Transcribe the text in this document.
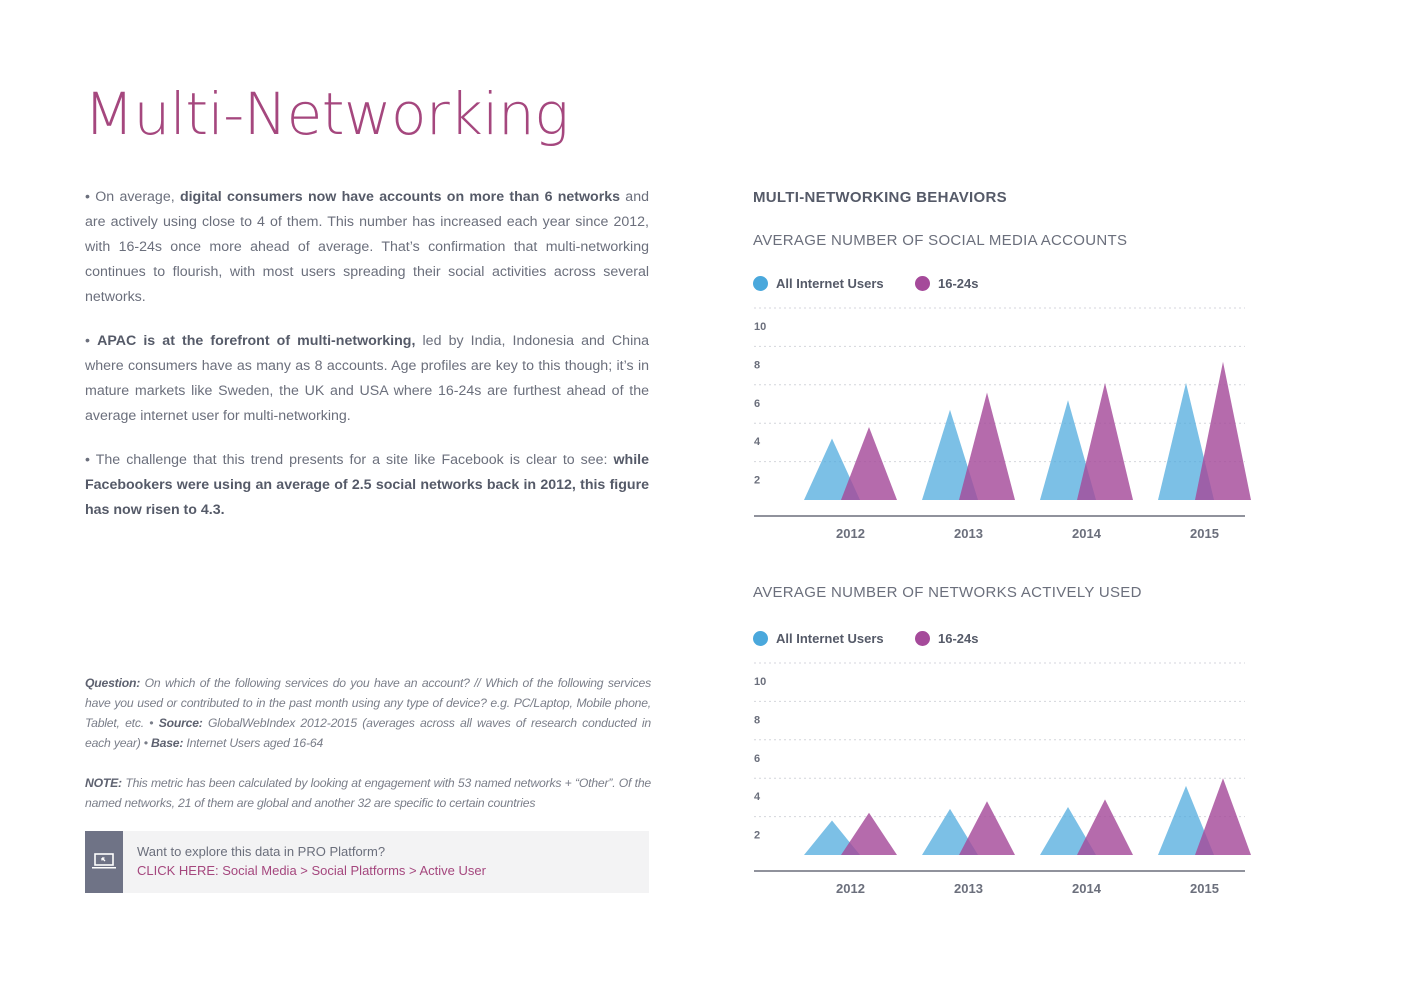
Multi-Networking

• On average, digital consumers now have accounts on more than 6 networks and are actively using close to 4 of them. This number has increased each year since 2012, with 16-24s once more ahead of average. That’s confirmation that multi-networking continues to flourish, with most users spreading their social activities across several networks.

• APAC is at the forefront of multi-networking, led by India, Indonesia and China where consumers have as many as 8 accounts. Age profiles are key to this though; it’s in mature markets like Sweden, the UK and USA where 16-24s are furthest ahead of the average internet user for multi-networking.

• The challenge that this trend presents for a site like Facebook is clear to see: while Facebookers were using an average of 2.5 social networks back in 2012, this figure has now risen to 4.3.

Question: On which of the following services do you have an account? // Which of the following services have you used or contributed to in the past month using any type of device? e.g. PC/Laptop, Mobile phone, Tablet, etc. • Source: GlobalWebIndex 2012-2015 (averages across all waves of research conducted in each year) • Base: Internet Users aged 16-64

NOTE: This metric has been calculated by looking at engagement with 53 named networks + “Other”. Of the named networks, 21 of them are global and another 32 are specific to certain countries

Want to explore this data in PRO Platform?
CLICK HERE: Social Media > Social Platforms > Active User
MULTI-NETWORKING BEHAVIORS
AVERAGE NUMBER OF SOCIAL MEDIA ACCOUNTS
All Internet Users	16-24s
2
4
6
8
10
2012	2013	2014	2015
AVERAGE NUMBER OF NETWORKS ACTIVELY USED
All Internet Users	16-24s
2
4
6
8
10
2012	2013	2014	2015
